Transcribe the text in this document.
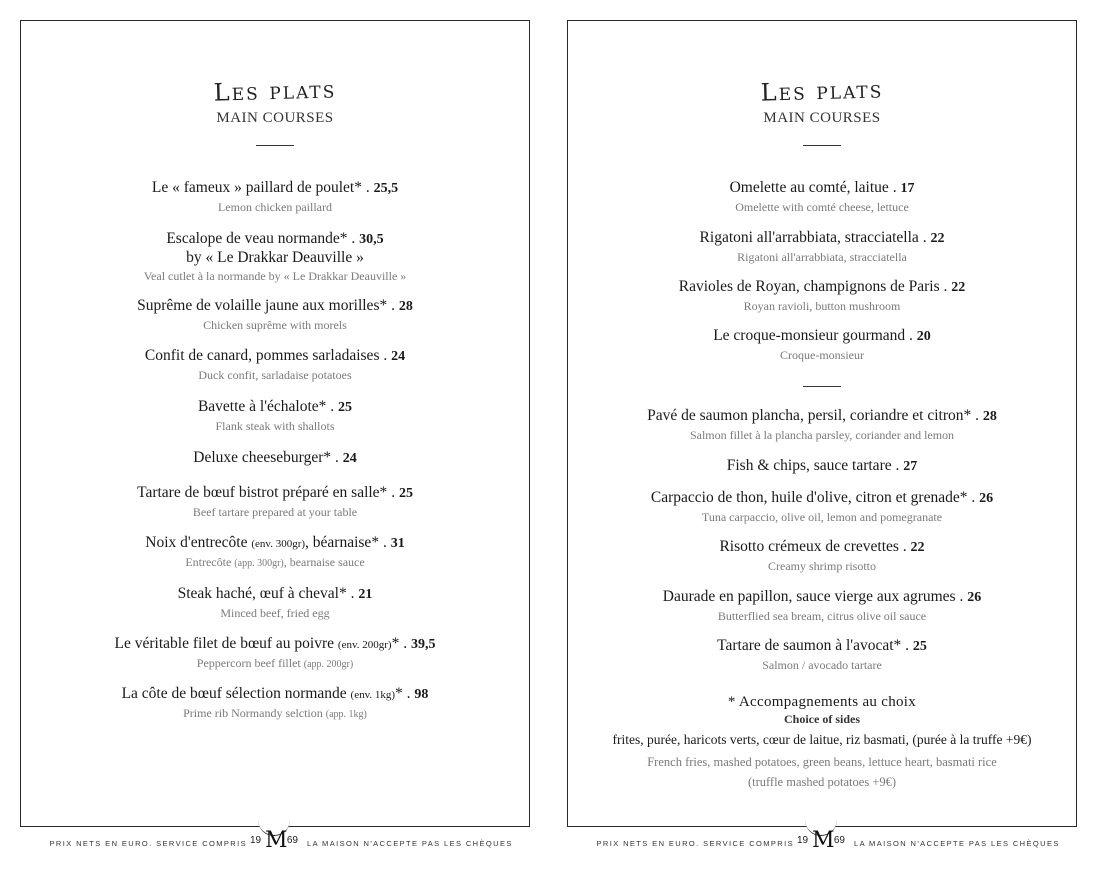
Les plats
MAIN COURSES
Le « fameux » paillard de poulet* . 25,5
Lemon chicken paillard
Escalope de veau normande* . 30,5
by « Le Drakkar Deauville »
Veal cutlet à la normande by « Le Drakkar Deauville »
Suprême de volaille jaune aux morilles* . 28
Chicken suprême with morels
Confit de canard, pommes sarladaises . 24
Duck confit, sarladaise potatoes
Bavette à l'échalote* . 25
Flank steak with shallots
Deluxe cheeseburger* . 24
Tartare de bœuf bistrot préparé en salle* . 25
Beef tartare prepared at your table
Noix d'entrecôte (env. 300gr), béarnaise* . 31
Entrecôte (app. 300gr), bearnaise sauce
Steak haché, œuf à cheval* . 21
Minced beef, fried egg
Le véritable filet de bœuf au poivre (env. 200gr)* . 39,5
Peppercorn beef fillet (app. 200gr)
La côte de bœuf sélection normande (env. 1kg)* . 98
Prime rib Normandy selction (app. 1kg)
Les plats
MAIN COURSES
Omelette au comté, laitue . 17
Omelette with comté cheese, lettuce
Rigatoni all'arrabbiata, stracciatella . 22
Rigatoni all'arrabbiata, stracciatella
Ravioles de Royan, champignons de Paris . 22
Royan ravioli, button mushroom
Le croque-monsieur gourmand . 20
Croque-monsieur
Pavé de saumon plancha, persil, coriandre et citron* . 28
Salmon fillet à la plancha parsley, coriander and lemon
Fish & chips, sauce tartare . 27
Carpaccio de thon, huile d'olive, citron et grenade* . 26
Tuna carpaccio, olive oil, lemon and pomegranate
Risotto crémeux de crevettes . 22
Creamy shrimp risotto
Daurade en papillon, sauce vierge aux agrumes . 26
Butterflied sea bream, citrus olive oil sauce
Tartare de saumon à l'avocat* . 25
Salmon / avocado tartare
* Accompagnements au choix
Choice of sides
frites, purée, haricots verts, cœur de laitue, riz basmati, (purée à la truffe +9€)
French fries, mashed potatoes, green beans, lettuce heart, basmati rice
(truffle mashed potatoes +9€)
PRIX NETS EN EURO. SERVICE COMPRIS 19 M 69 LA MAISON N'ACCEPTE PAS LES CHÈQUES	PRIX NETS EN EURO. SERVICE COMPRIS 19 M 69 LA MAISON N'ACCEPTE PAS LES CHÈQUES
